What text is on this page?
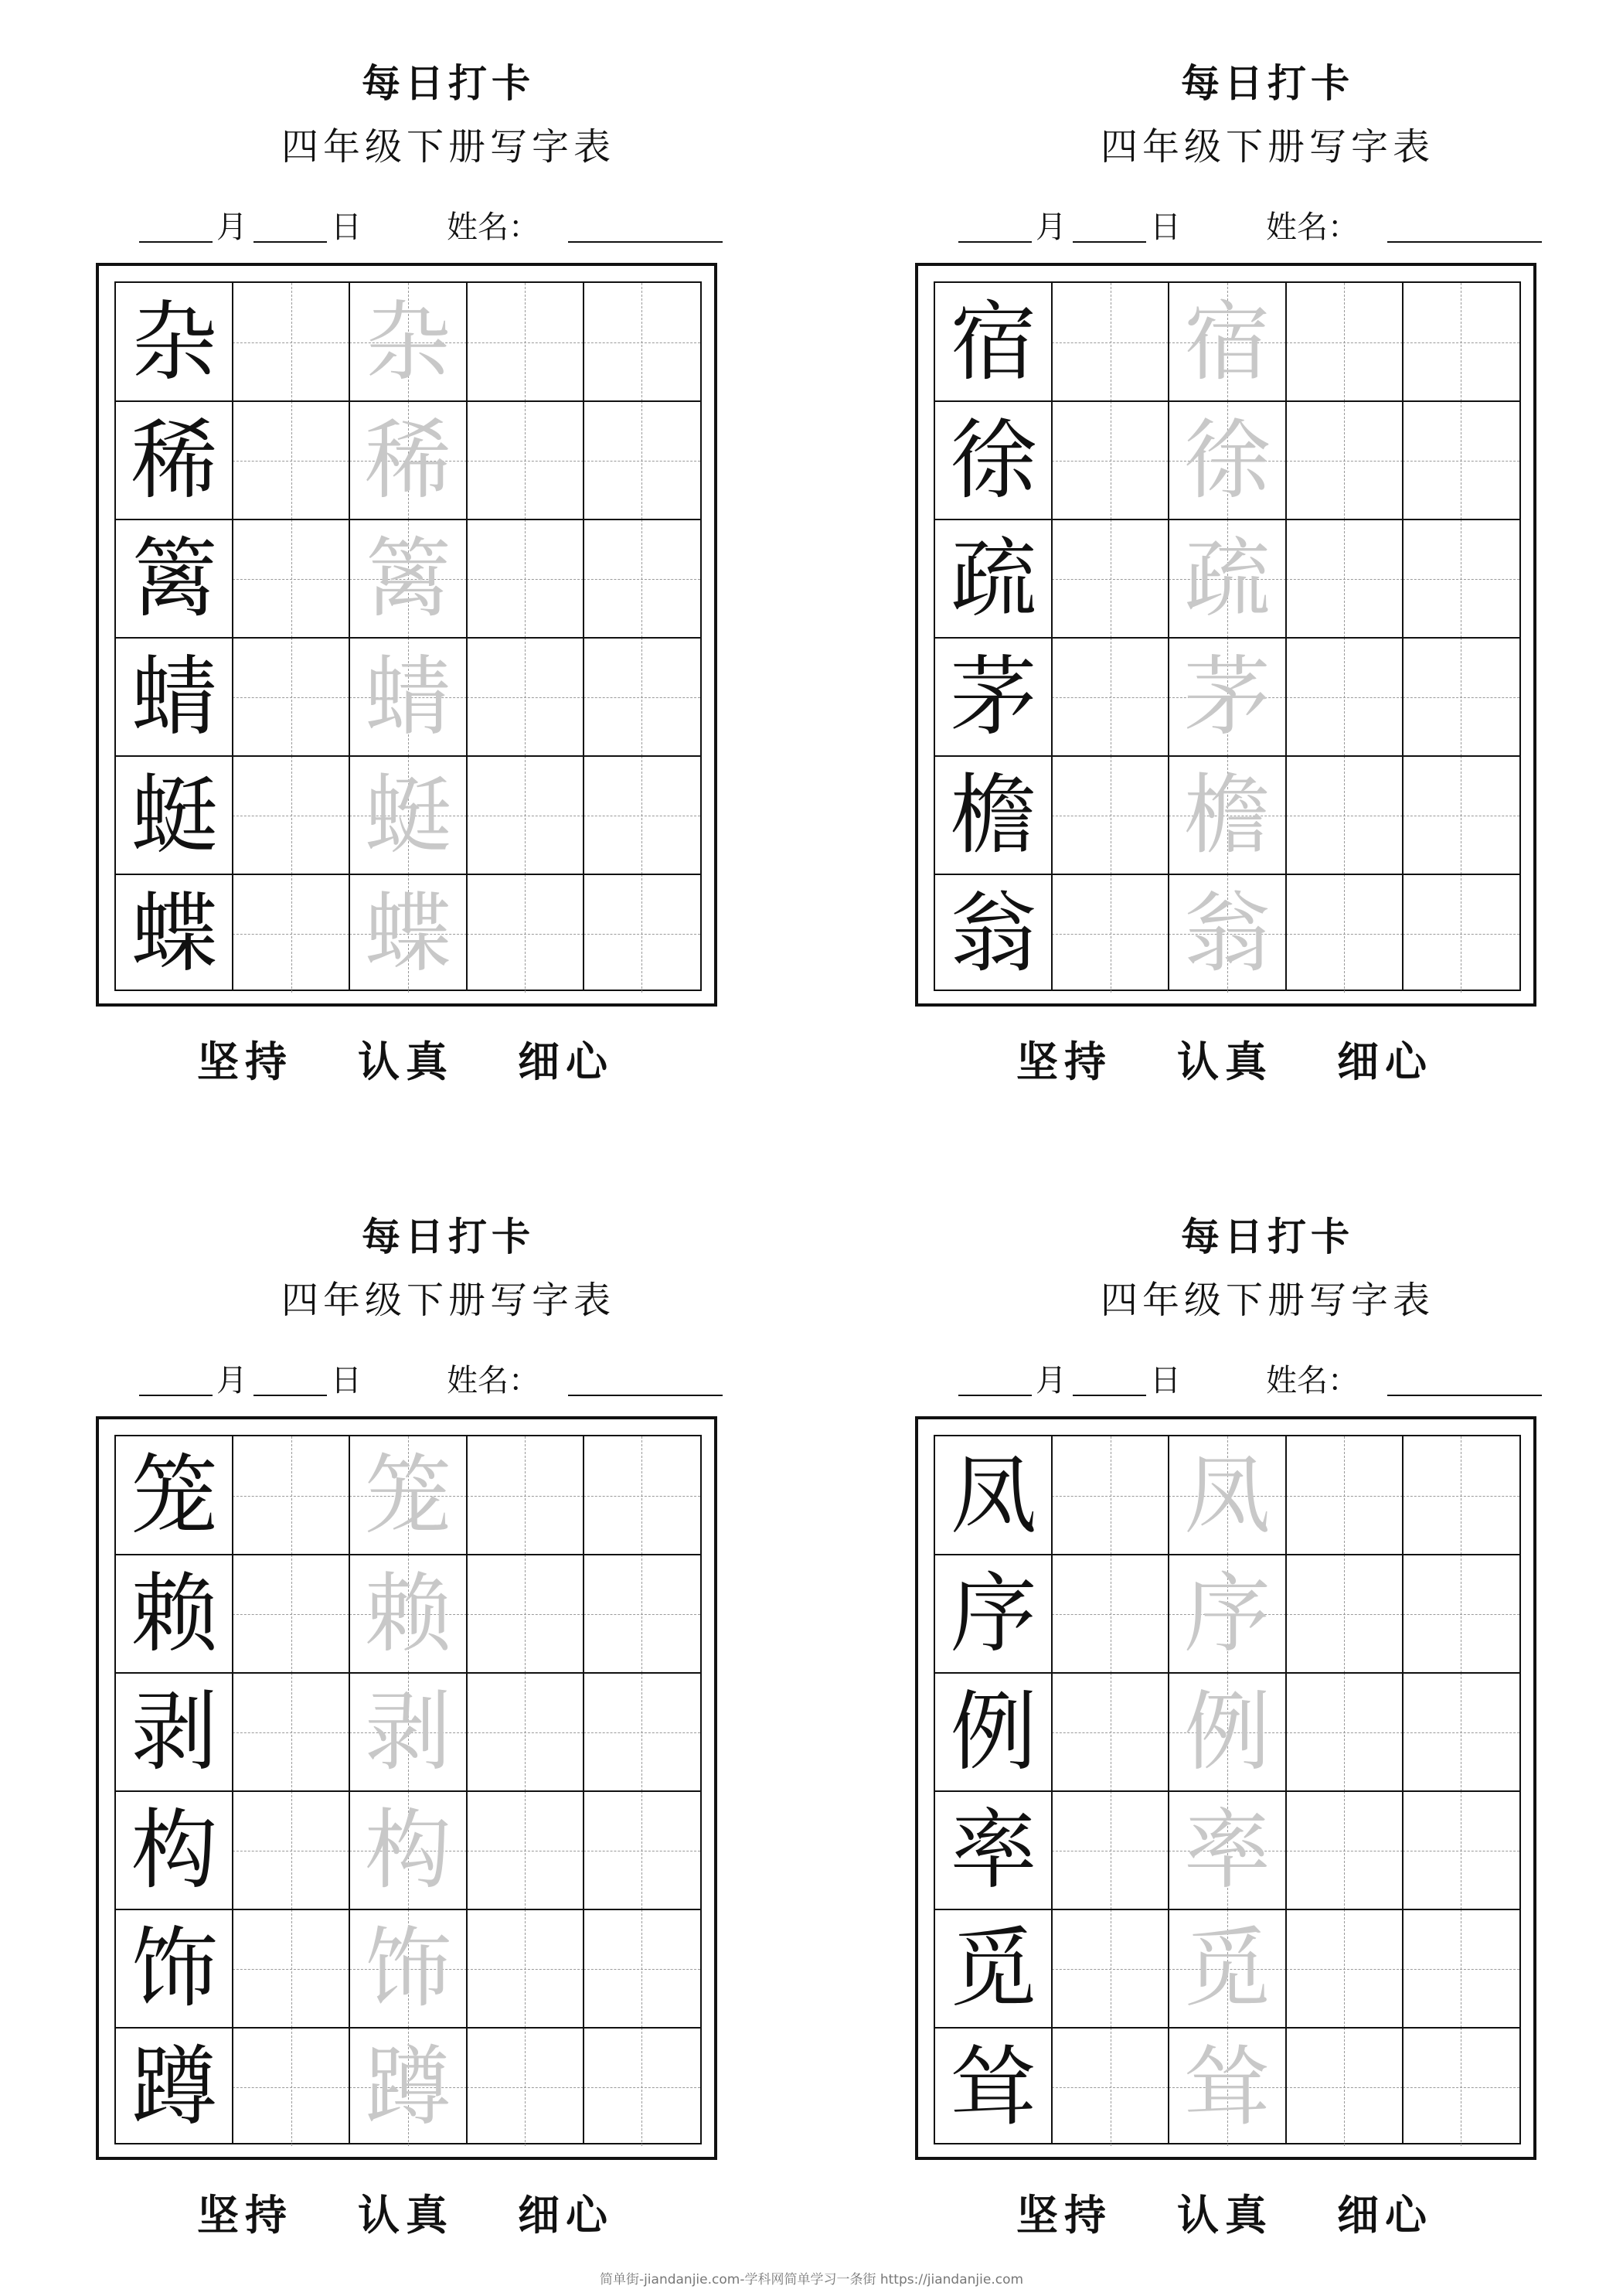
每日打卡
四年级下册写字表
月	日	姓名：
杂 杂
稀 稀
篱 篱
蜻 蜻
蜓 蜓
蝶 蝶
坚持 认真 细心
每日打卡
四年级下册写字表
月	日	姓名：
宿 宿
徐 徐
疏 疏
茅 茅
檐 檐
翁 翁
坚持 认真 细心
每日打卡
四年级下册写字表
月	日	姓名：
笼 笼
赖 赖
剥 剥
构 构
饰 饰
蹲 蹲
坚持 认真 细心
每日打卡
四年级下册写字表
月	日	姓名：
凤 凤
序 序
例 例
率 率
觅 觅
耸 耸
坚持 认真 细心
简单街-jiandanjie.com-学科网简单学习一条街 https://jiandanjie.com
